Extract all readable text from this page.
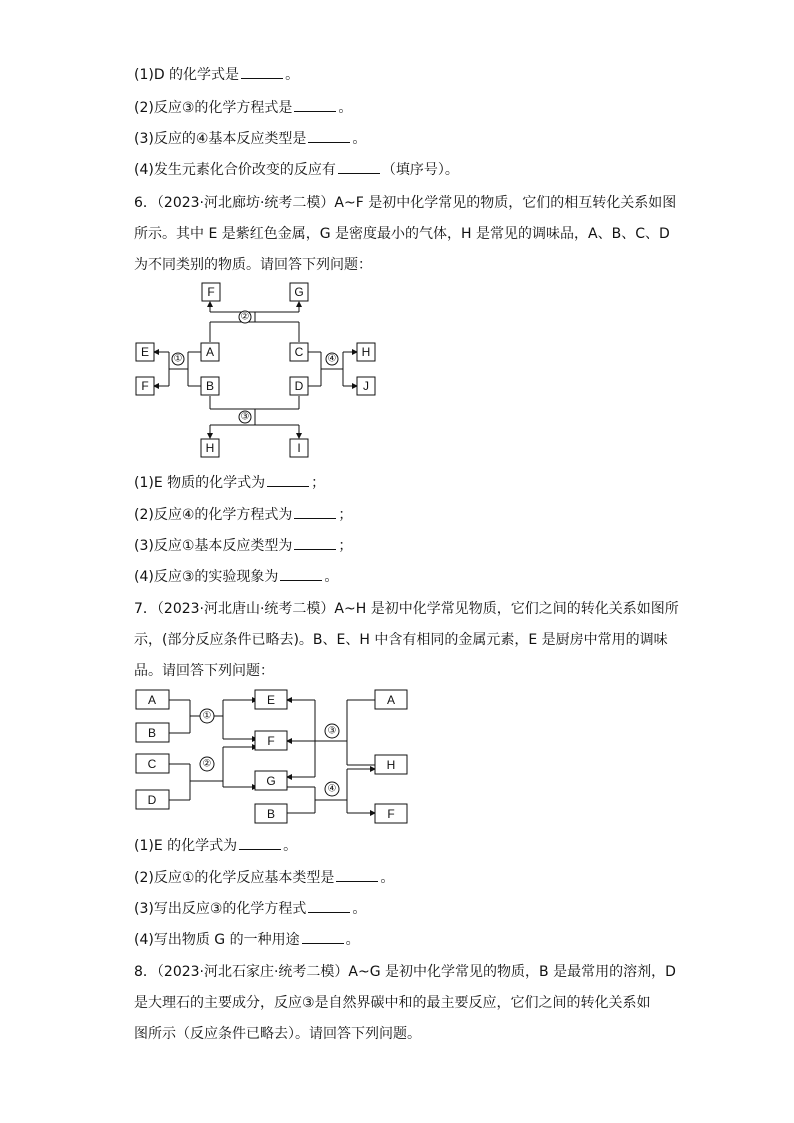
(1)D 的化学式是	。
(2)反应③的化学方程式是	。
(3)反应的④基本反应类型是	。
(4)发生元素化合价改变的反应有	（填序号）。
6．（2023·河北廊坊·统考二模）A~F 是初中化学常见的物质，它们的相互转化关系如图
所示。其中 E 是紫红色金属，G 是密度最小的气体，H 是常见的调味品，A、B、C、D
为不同类别的物质。请回答下列问题：
F	G
E	A	C	H
F	B	D	J
H	I
①
②
③
④
(1)E 物质的化学式为	；
(2)反应④的化学方程式为	；
(3)反应①基本反应类型为	；
(4)反应③的实验现象为	。
7．（2023·河北唐山·统考二模）A~H 是初中化学常见物质，它们之间的转化关系如图所
示，(部分反应条件已略去)。B、E、H 中含有相同的金属元素，E 是厨房中常用的调味
品。请回答下列问题：
A
B
C
D
E
F
G
B
A
H
F
①
②
③
④
(1)E 的化学式为	。
(2)反应①的化学反应基本类型是	。
(3)写出反应③的化学方程式	。
(4)写出物质 G 的一种用途	。
8．（2023·河北石家庄·统考二模）A~G 是初中化学常见的物质，B 是最常用的溶剂，D
是大理石的主要成分，反应③是自然界碳中和的最主要反应，它们之间的转化关系如
图所示（反应条件已略去）。请回答下列问题。
